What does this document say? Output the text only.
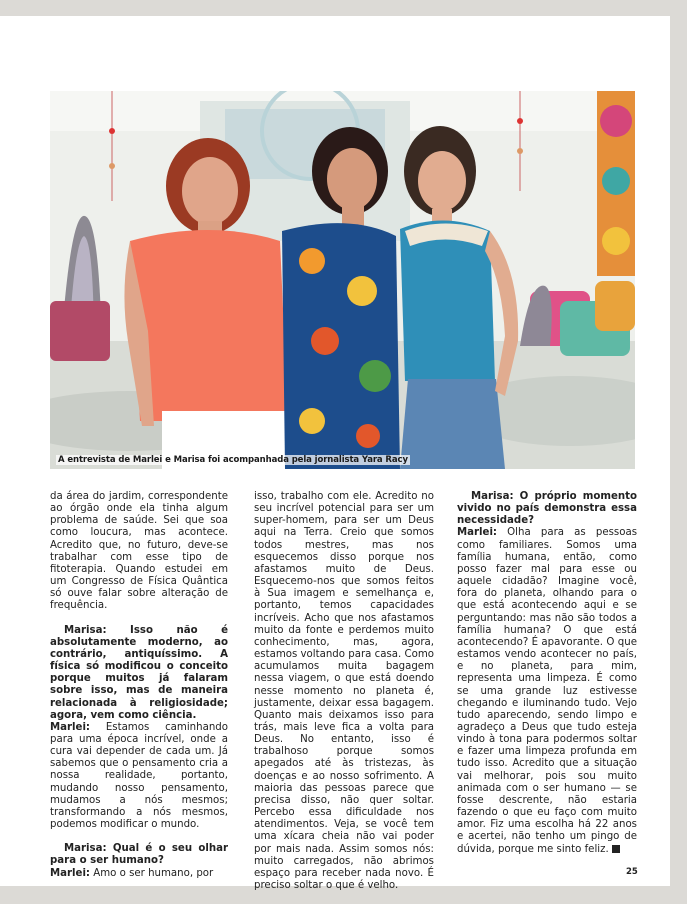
A entrevista de Marlei e Marisa foi acompanhada pela jornalista Yara Racy

da área do jardim, correspondente ao órgão onde ela tinha algum problema de saúde. Sei que soa como loucura, mas acontece. Acredito que, no futuro, deve-se trabalhar com esse tipo de fitoterapia. Quando estudei em um Congresso de Física Quântica só ouve falar sobre alteração de frequência.

Marisa: Isso não é absolutamente moderno, ao contrário, antiquíssimo. A física só modificou o conceito porque muitos já falaram sobre isso, mas de maneira relacionada à religiosidade; agora, vem como ciência.

Marlei: Estamos caminhando para uma época incrível, onde a cura vai depender de cada um. Já sabemos que o pensamento cria a nossa realidade, portanto, mudando nosso pensamento, mudamos a nós mesmos; transformando a nós mesmos, podemos modificar o mundo.

Marisa: Qual é o seu olhar para o ser humano?

Marlei: Amo o ser humano, por

isso, trabalho com ele. Acredito no seu incrível potencial para ser um super-homem, para ser um Deus aqui na Terra. Creio que somos todos mestres, mas nos esquecemos disso porque nos afastamos muito de Deus. Esquecemo-nos que somos feitos à Sua imagem e semelhança e, portanto, temos capacidades incríveis. Acho que nos afastamos muito da fonte e perdemos muito conhecimento, mas, agora, estamos voltando para casa. Como acumulamos muita bagagem nessa viagem, o que está doendo nesse momento no planeta é, justamente, deixar essa bagagem. Quanto mais deixamos isso para trás, mais leve fica a volta para Deus. No entanto, isso é trabalhoso porque somos apegados até às tristezas, às doenças e ao nosso sofrimento. A maioria das pessoas parece que precisa disso, não quer soltar. Percebo essa dificuldade nos atendimentos. Veja, se você tem uma xícara cheia não vai poder por mais nada. Assim somos nós: muito carregados, não abrimos espaço para receber nada novo. É preciso soltar o que é velho.

Marisa: O próprio momento vivido no país demonstra essa necessidade?

Marlei: Olha para as pessoas como familiares. Somos uma família humana, então, como posso fazer mal para esse ou aquele cidadão? Imagine você, fora do planeta, olhando para o que está acontecendo aqui e se perguntando: mas não são todos a família humana? O que está acontecendo? É apavorante. O que estamos vendo acontecer no país, e no planeta, para mim, representa uma limpeza. É como se uma grande luz estivesse chegando e iluminando tudo. Vejo tudo aparecendo, sendo limpo e agradeço a Deus que tudo esteja vindo à tona para podermos soltar e fazer uma limpeza profunda em tudo isso. Acredito que a situação vai melhorar, pois sou muito animada com o ser humano — se fosse descrente, não estaria fazendo o que eu faço com muito amor. Fiz uma escolha há 22 anos e acertei, não tenho um pingo de dúvida, porque me sinto feliz.

25
